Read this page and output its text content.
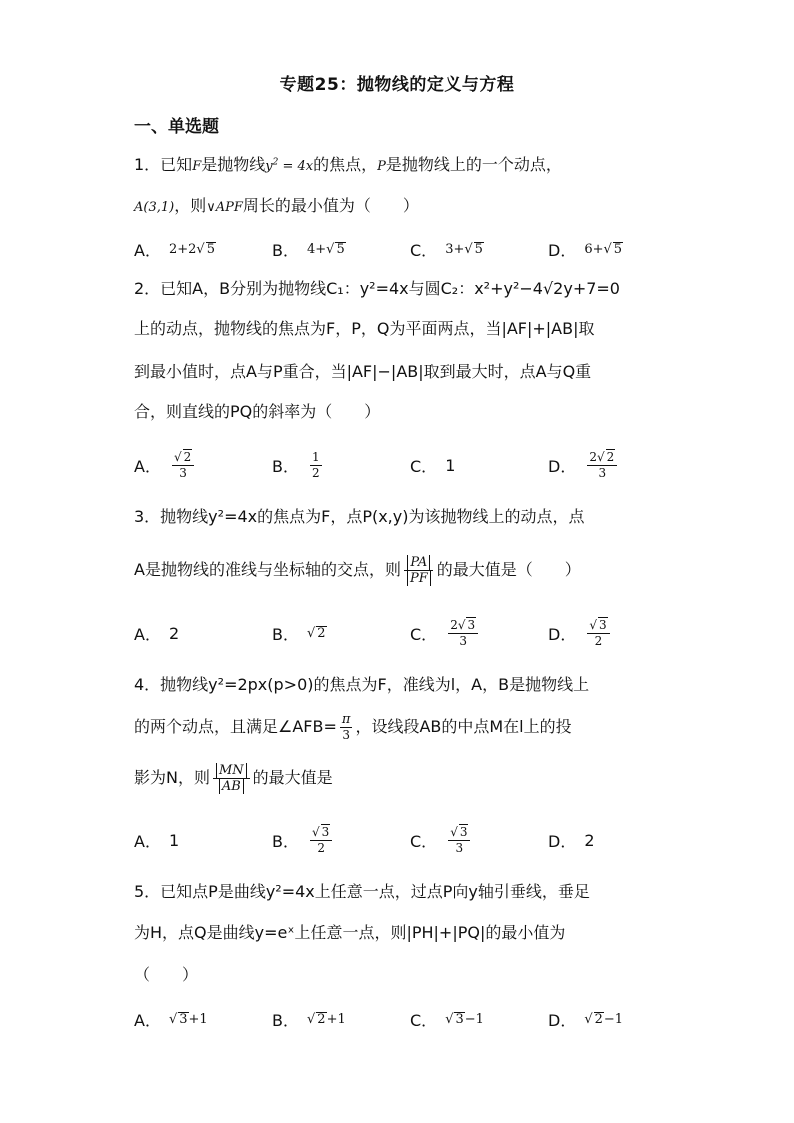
专题25：抛物线的定义与方程
一、单选题
1．已知F是抛物线$y^2 = 4x$的焦点，P是抛物线上的一个动点，
A(3,1)，则∨APF周长的最小值为（　　）
A． 2+2√ 5	B． 4+√ 5	C． 3+√ 5	D． 6+√ 5
2．已知A，B分别为抛物线C₁：y²=4x与圆C₂：x²+y²−4√2y+7=0
上的动点，抛物线的焦点为F，P，Q为平面两点，当|AF|+|AB|取
到最小值时，点A与P重合，当|AF|−|AB|取到最大时，点A与Q重
合，则直线的PQ的斜率为（　　）
A． $\frac{√ 2}{3}$	B． $\frac{1}{2}$	C． 1	D． $\frac{2√ 2}{3}$
3．抛物线y²=4x的焦点为F，点P(x,y)为该抛物线上的动点，点
A是抛物线的准线与坐标轴的交点，则 $\frac{PA}{PF}$ 的最大值是（　　）
A． 2	B． √ 2	C． $\frac{2√ 3}{3}$	D． $\frac{√ 3}{2}$
4．抛物线y²=2px(p>0)的焦点为F，准线为l，A，B是抛物线上
的两个动点，且满足∠AFB= $\frac{\pi}{3}$ ，设线段AB的中点M在l上的投
影为N，则 $\frac{MN}{AB}$ 的最大值是
A． 1	B． $\frac{√ 3}{2}$	C． $\frac{√ 3}{3}$	D． 2
5．已知点P是曲线y²=4x上任意一点，过点P向y轴引垂线，垂足
为H，点Q是曲线y=eˣ上任意一点，则|PH|+|PQ|的最小值为
（　　）
A． √ 3+1	B． √ 2+1	C． √ 3−1	D． √ 2−1
